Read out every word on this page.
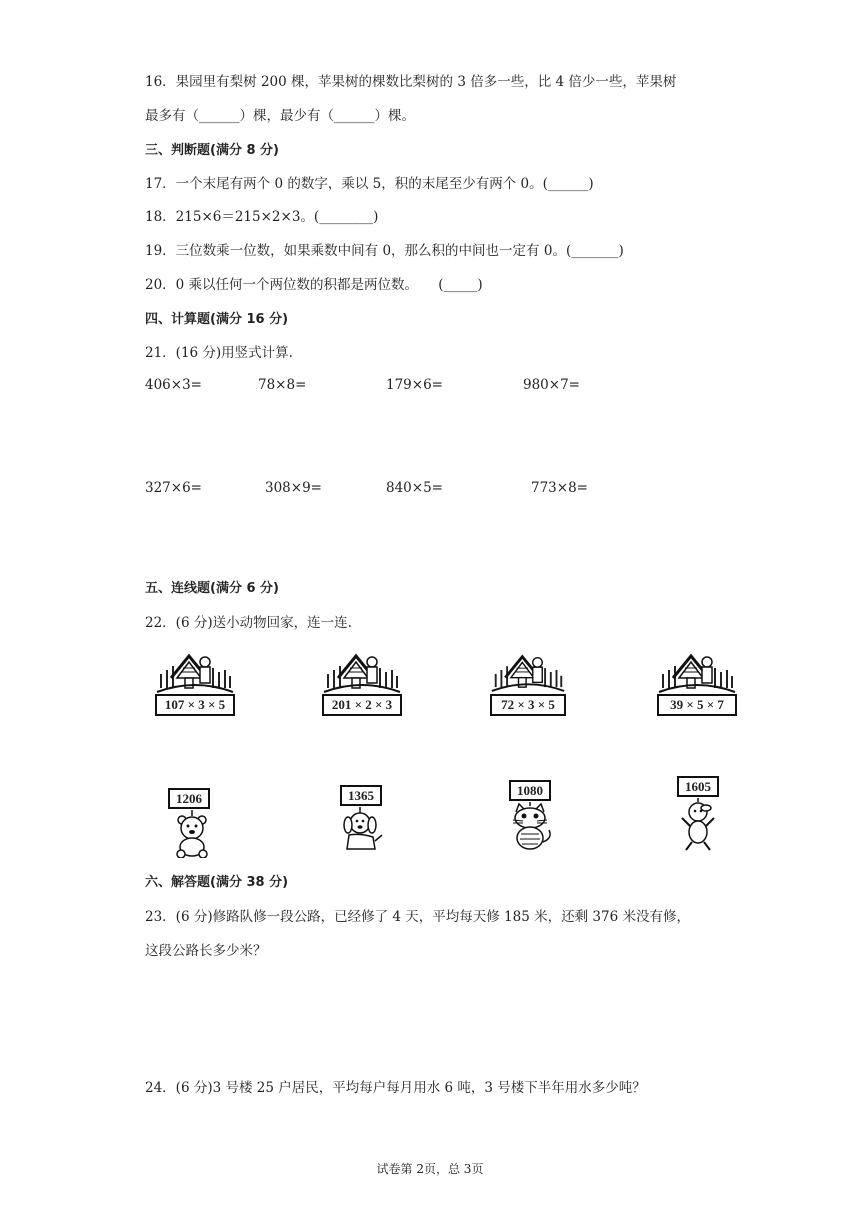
16．果园里有梨树 200 棵，苹果树的棵数比梨树的 3 倍多一些，比 4 倍少一些，苹果树
最多有（______）棵，最少有（______）棵。
三、判断题(满分 8 分)
17．一个末尾有两个 0 的数字，乘以 5，积的末尾至少有两个 0。(______)
18．215×6＝215×2×3。(________)
19．三位数乘一位数，如果乘数中间有 0，那么积的中间也一定有 0。(_______)
20．0 乘以任何一个两位数的积都是两位数。　　(_____)
四、计算题(满分 16 分)
21．(16 分)用竖式计算.
406×3=	78×8=	179×6=	980×7=
327×6=	308×9=	840×5=	773×8=
五、连线题(满分 6 分)
22．(6 分)送小动物回家，连一连.
107 × 3 × 5	201 × 2 × 3	72 × 3 × 5	39 × 5 × 7
1206	1365	1080	1605
六、解答题(满分 38 分)
23．(6 分)修路队修一段公路，已经修了 4 天，平均每天修 185 米，还剩 376 米没有修，
这段公路长多少米？
24．(6 分)3 号楼 25 户居民，平均每户每月用水 6 吨，3 号楼下半年用水多少吨？
试卷第 2页，总 3页
